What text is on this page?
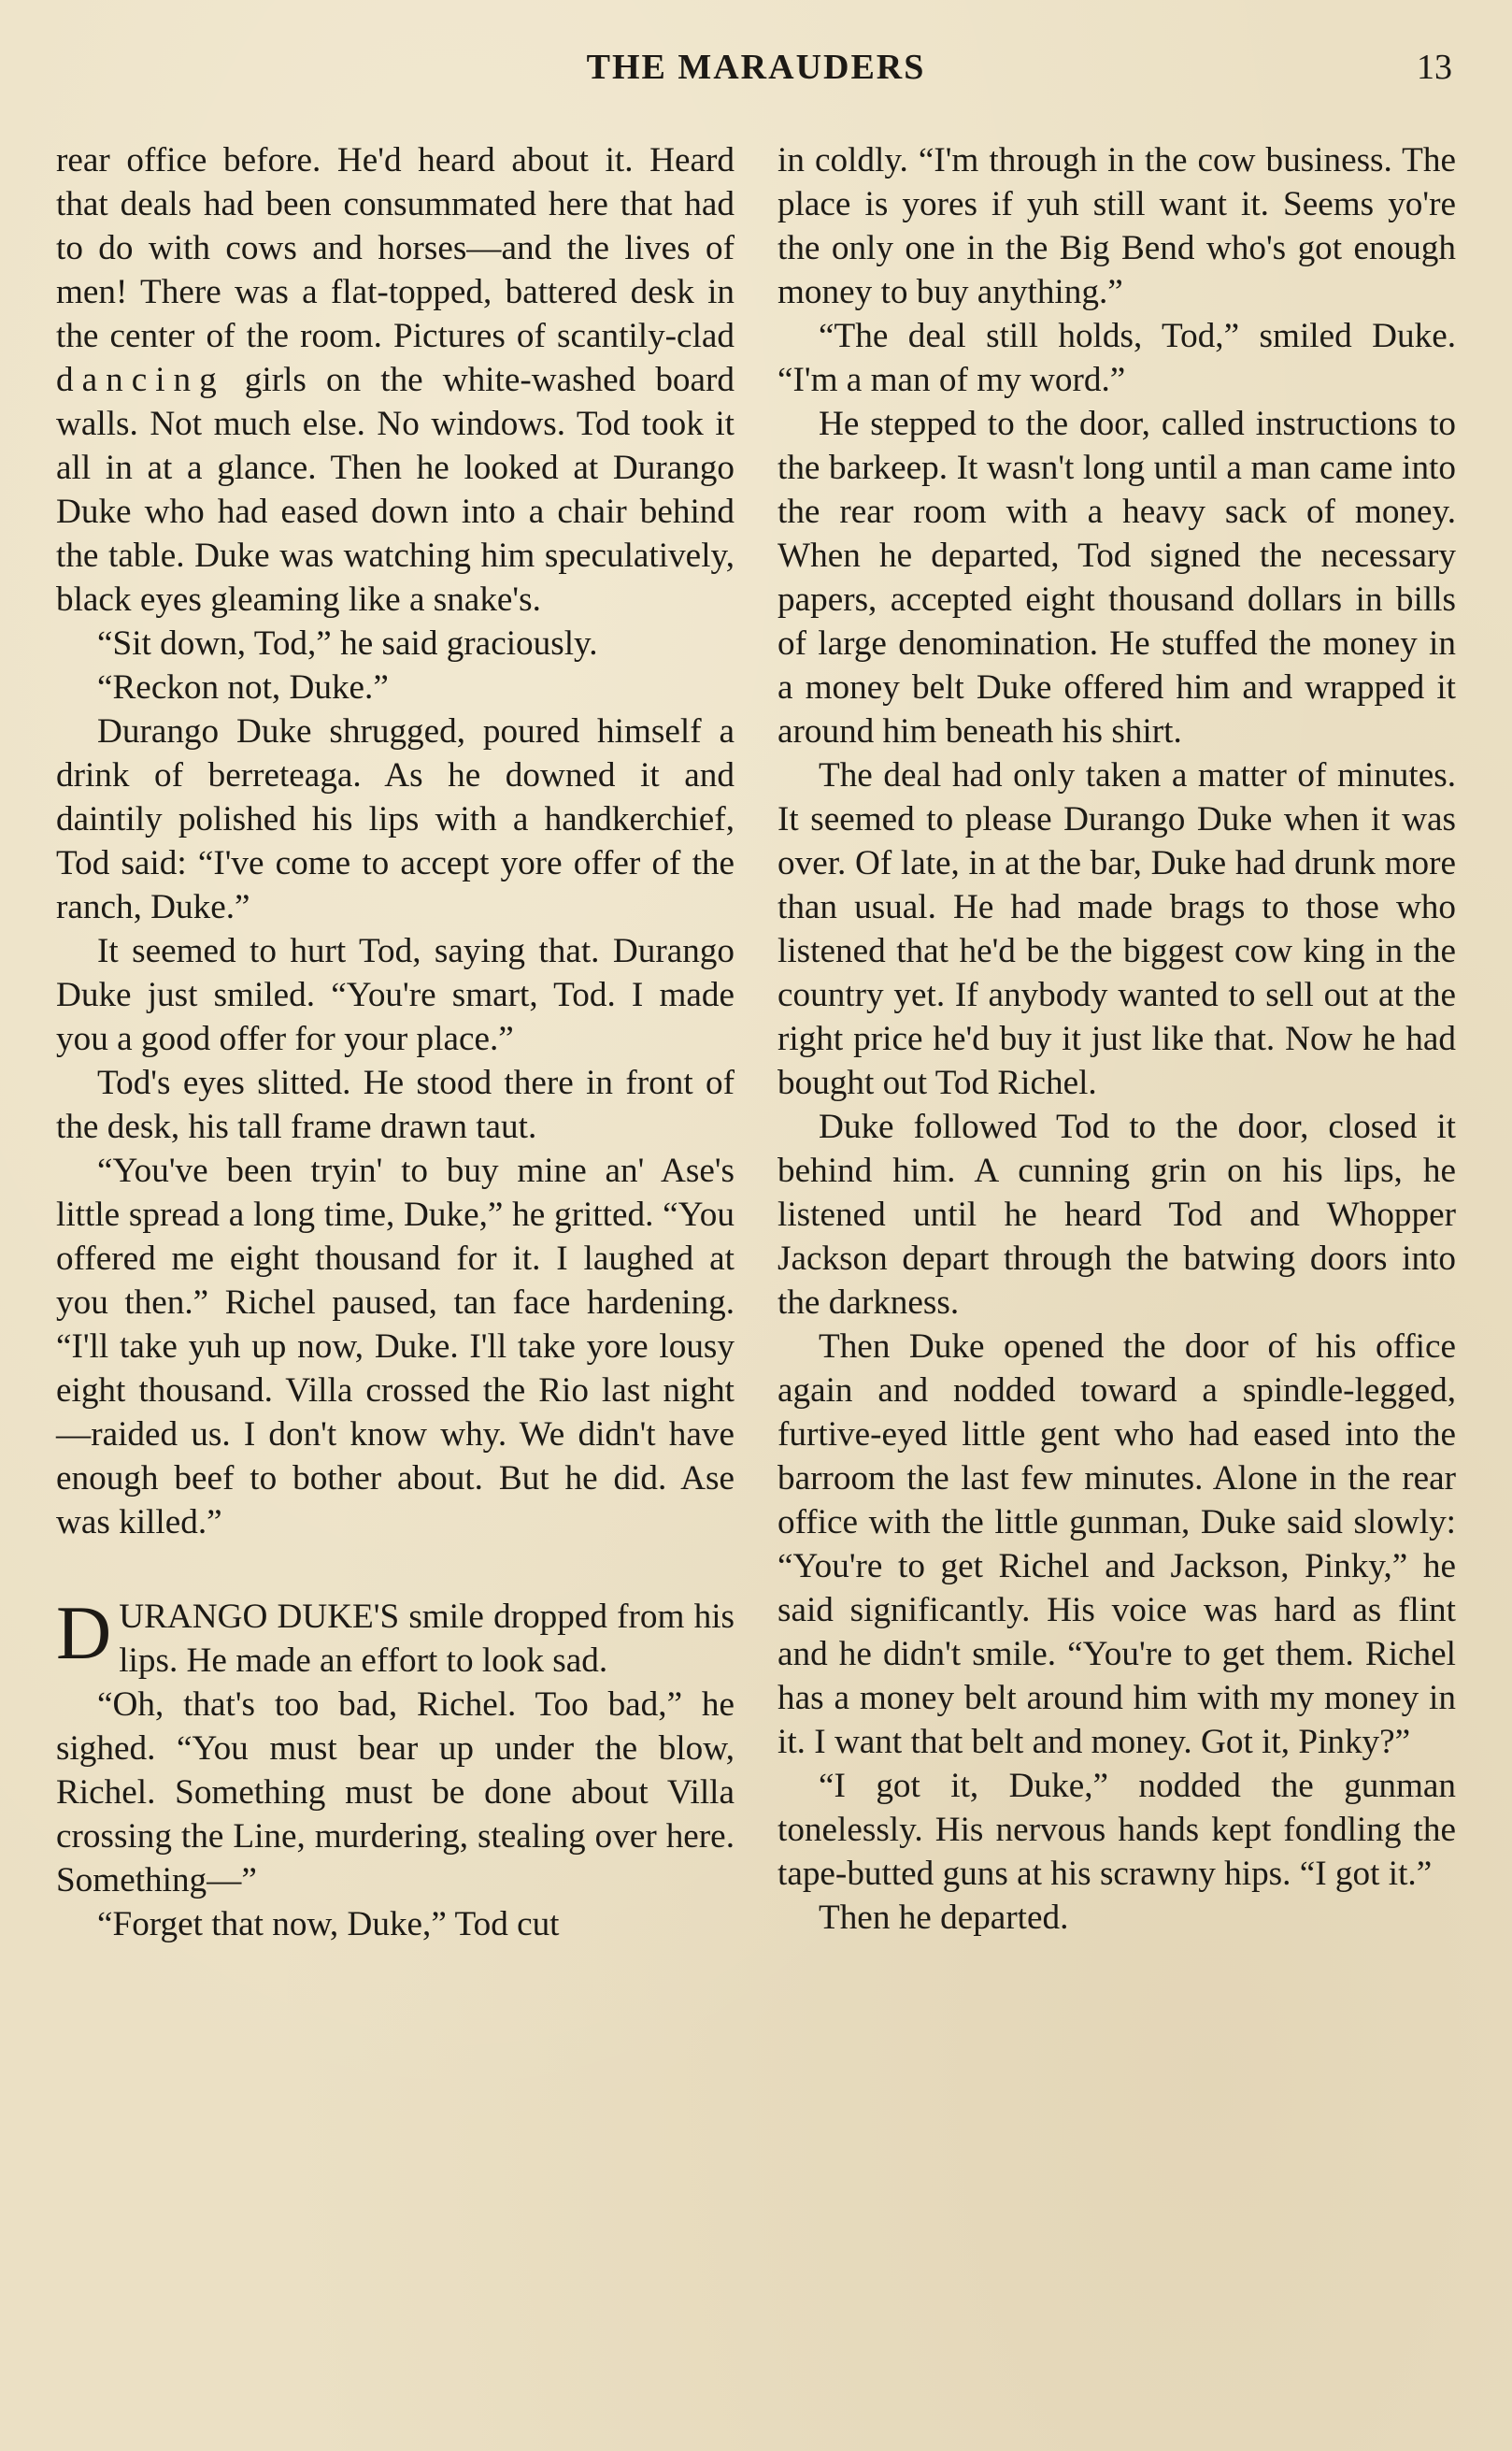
THE MARAUDERS	13

rear office before. He'd heard about it. Heard that deals had been consummated here that had to do with cows and horses—and the lives of men! There was a flat-topped, battered desk in the center of the room. Pictures of scantily-clad dancing girls on the white-washed board walls. Not much else. No windows. Tod took it all in at a glance. Then he looked at Durango Duke who had eased down into a chair behind the table. Duke was watching him speculatively, black eyes gleaming like a snake's.

“Sit down, Tod,” he said graciously.

“Reckon not, Duke.”

Durango Duke shrugged, poured himself a drink of berreteaga. As he downed it and daintily polished his lips with a handkerchief, Tod said: “I've come to accept yore offer of the ranch, Duke.”

It seemed to hurt Tod, saying that. Durango Duke just smiled. “You're smart, Tod. I made you a good offer for your place.”

Tod's eyes slitted. He stood there in front of the desk, his tall frame drawn taut.

“You've been tryin' to buy mine an' Ase's little spread a long time, Duke,” he gritted. “You offered me eight thousand for it. I laughed at you then.” Richel paused, tan face hardening. “I'll take yuh up now, Duke. I'll take yore lousy eight thousand. Villa crossed the Rio last night—raided us. I don't know why. We didn't have enough beef to bother about. But he did. Ase was killed.”

DURANGO DUKE'S smile dropped from his lips. He made an effort to look sad.

“Oh, that's too bad, Richel. Too bad,” he sighed. “You must bear up under the blow, Richel. Something must be done about Villa crossing the Line, murdering, stealing over here. Something—”

“Forget that now, Duke,” Tod cut

in coldly. “I'm through in the cow business. The place is yores if yuh still want it. Seems yo're the only one in the Big Bend who's got enough money to buy anything.”

“The deal still holds, Tod,” smiled Duke. “I'm a man of my word.”

He stepped to the door, called instructions to the barkeep. It wasn't long until a man came into the rear room with a heavy sack of money. When he departed, Tod signed the necessary papers, accepted eight thousand dollars in bills of large denomination. He stuffed the money in a money belt Duke offered him and wrapped it around him beneath his shirt.

The deal had only taken a matter of minutes. It seemed to please Durango Duke when it was over. Of late, in at the bar, Duke had drunk more than usual. He had made brags to those who listened that he'd be the biggest cow king in the country yet. If anybody wanted to sell out at the right price he'd buy it just like that. Now he had bought out Tod Richel.

Duke followed Tod to the door, closed it behind him. A cunning grin on his lips, he listened until he heard Tod and Whopper Jackson depart through the batwing doors into the darkness.

Then Duke opened the door of his office again and nodded toward a spindle-legged, furtive-eyed little gent who had eased into the barroom the last few minutes. Alone in the rear office with the little gunman, Duke said slowly: “You're to get Richel and Jackson, Pinky,” he said significantly. His voice was hard as flint and he didn't smile. “You're to get them. Richel has a money belt around him with my money in it. I want that belt and money. Got it, Pinky?”

“I got it, Duke,” nodded the gunman tonelessly. His nervous hands kept fondling the tape-butted guns at his scrawny hips. “I got it.”

Then he departed.
